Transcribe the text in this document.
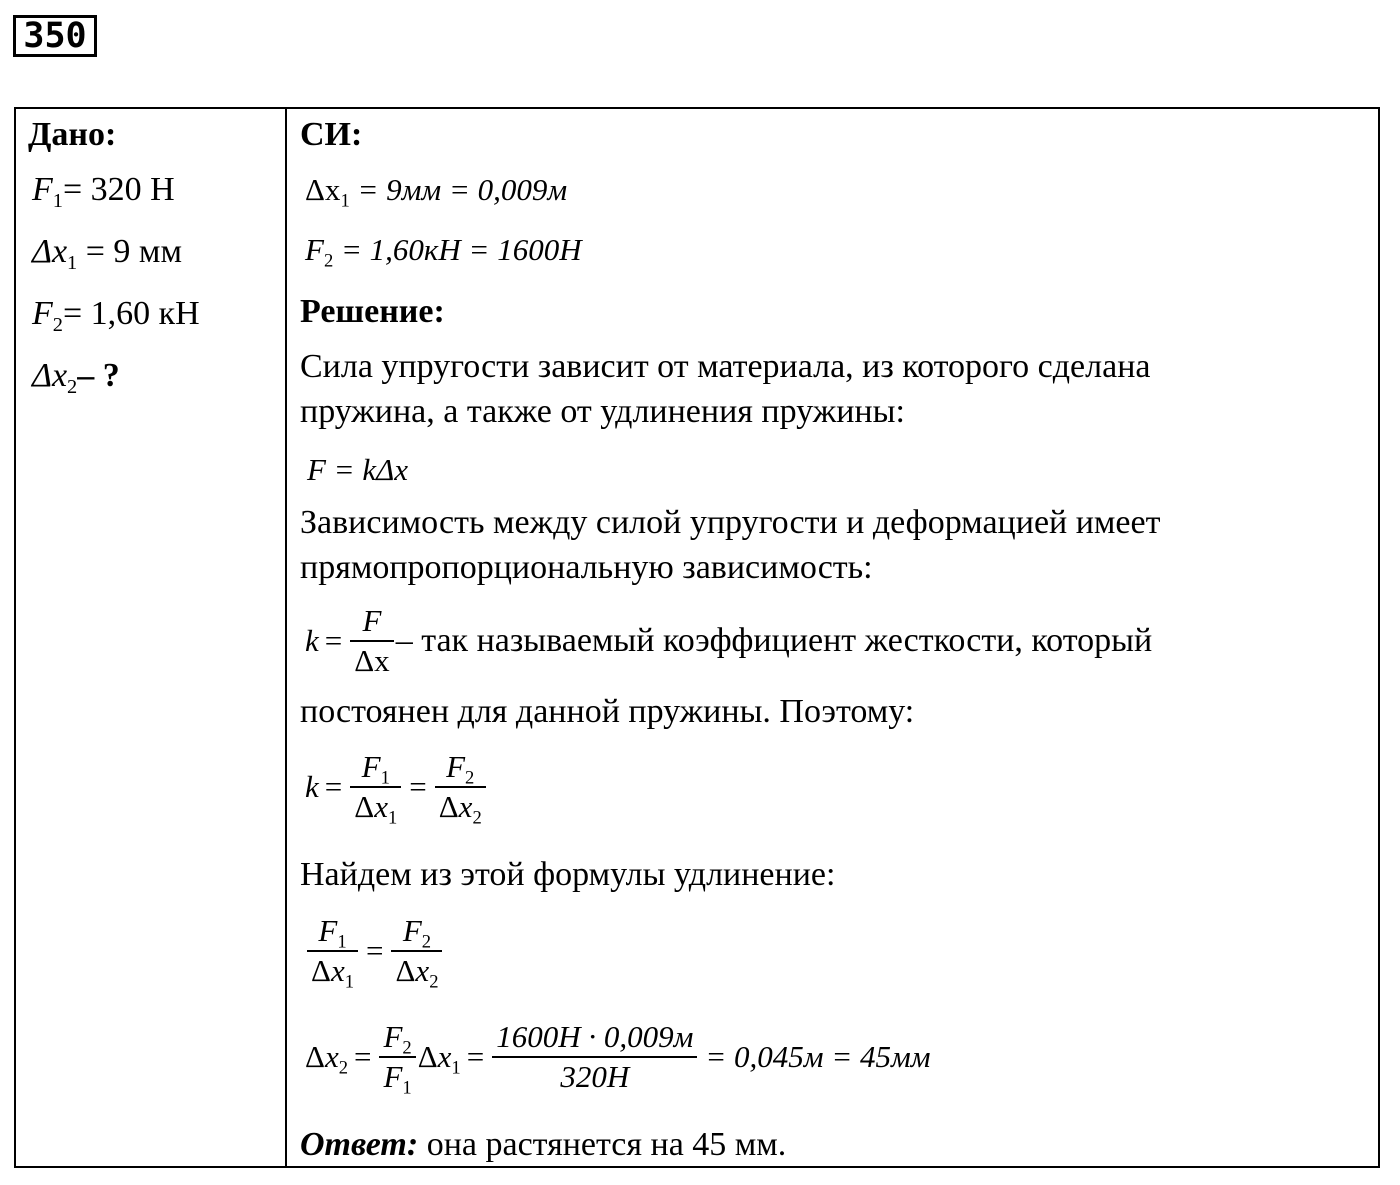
350
Дано:
$F_1= 320$ Н
$\Delta x_1 = 9$ мм
$F_2= 1,60$ кН
$\Delta x_2-$ ?
СИ:
$\Delta x_1 = 9мм = 0,009м$
$F_2 = 1,60кН = 1600Н$
Решение:
Сила упругости зависит от материала, из которого сделана
пружина, а также от удлинения пружины:
F = kΔx
Зависимость между силой упругости и деформацией имеет
прямопропорциональную зависимость:
$k = \frac{F}{\Delta x}$ – так называемый коэффициент жесткости, который
постоянен для данной пружины. Поэтому:
$k = \frac{F_1}{\Delta x_1} = \frac{F_2}{\Delta x_2}$
Найдем из этой формулы удлинение:
$\frac{F_1}{\Delta x_1} = \frac{F_2}{\Delta x_2}$
$\Delta x_2 = \frac{F_2}{F_1} \Delta x_1 = \frac{1600Н \cdot 0,009м}{320Н} = 0,045м = 45мм$
Ответ: она растянется на 45 мм.
